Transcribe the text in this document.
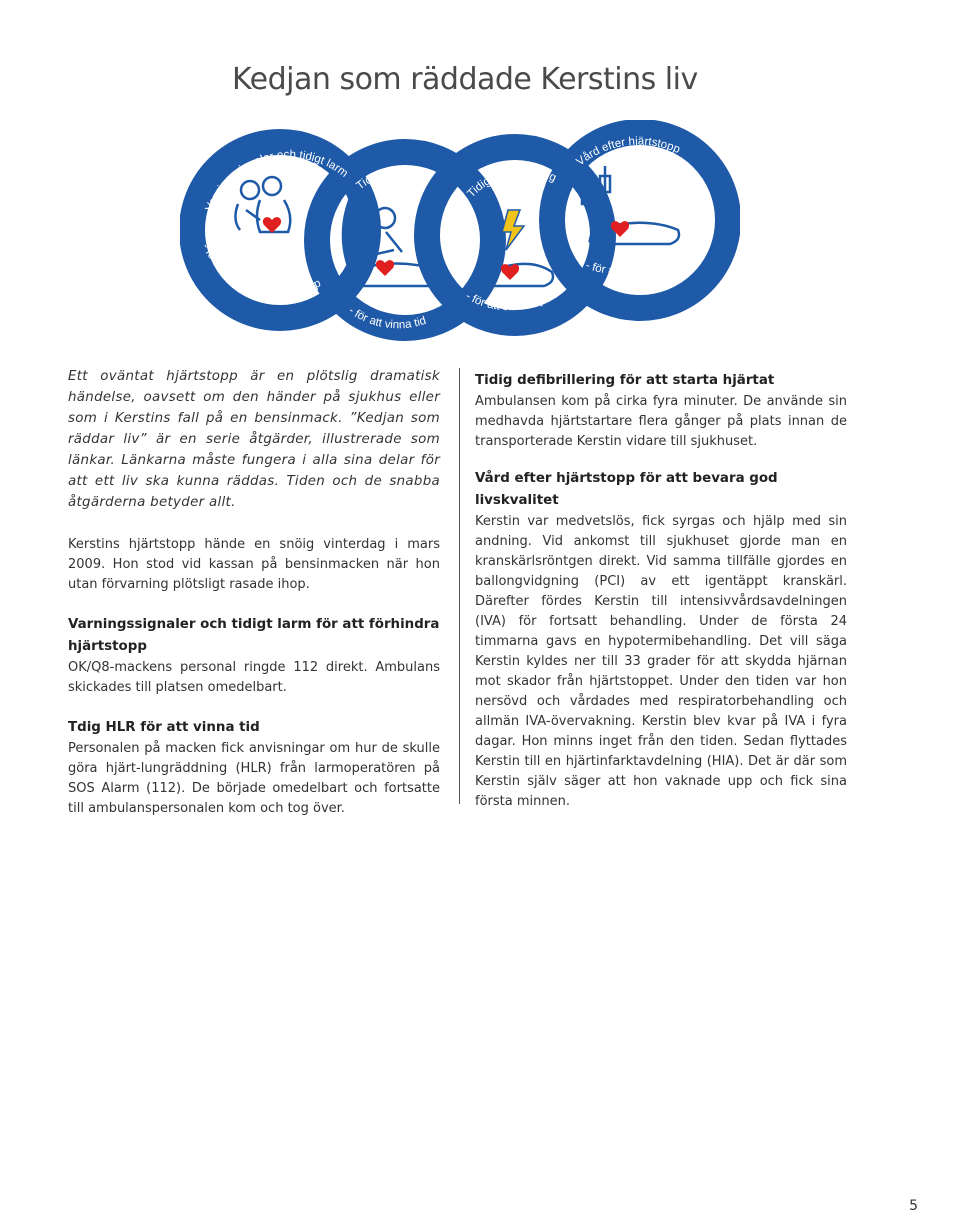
Kedjan som räddade Kerstins liv
Varningssignaler och tidigt larm
- för att förhindra hjärtstopp
Tidig HLR
- för att vinna tid
Tidig defibrillering
- för att starta hjärtat
Vård efter hjärtstopp
- för att bevara god livskvalite

Ett oväntat hjärtstopp är en plötslig dramatisk händelse, oavsett om den händer på sjukhus eller som i Kerstins fall på en bensinmack. ”Kedjan som räddar liv” är en serie åtgärder, illustrerade som länkar. Länkarna måste fungera i alla sina delar för att ett liv ska kunna räddas. Tiden och de snabba åtgärderna betyder allt.

Kerstins hjärtstopp hände en snöig vinterdag i mars 2009. Hon stod vid kassan på bensinmacken när hon utan förvarning plötsligt rasade ihop.

Varningssignaler och tidigt larm för att förhindra hjärtstopp

OK/Q8-mackens personal ringde 112 direkt. Ambulans skickades till platsen omedelbart.

Tdig HLR för att vinna tid

Personalen på macken fick anvisningar om hur de skulle göra hjärt-lungräddning (HLR) från larmoperatören på SOS Alarm (112). De började omedelbart och fortsatte till ambulanspersonalen kom och tog över.

Tidig defibrillering för att starta hjärtat

Ambulansen kom på cirka fyra minuter. De använde sin medhavda hjärtstartare flera gånger på plats innan de transporterade Kerstin vidare till sjukhuset.

Vård efter hjärtstopp för att bevara god livskvalitet

Kerstin var medvetslös, fick syrgas och hjälp med sin andning. Vid ankomst till sjukhuset gjorde man en kranskärlsröntgen direkt. Vid samma tillfälle gjordes en ballongvidgning (PCI) av ett igentäppt kranskärl. Därefter fördes Kerstin till intensivvårdsavdelningen (IVA) för fortsatt behandling. Under de första 24 timmarna gavs en hypotermibehandling. Det vill säga Kerstin kyldes ner till 33 grader för att skydda hjärnan mot skador från hjärtstoppet. Under den tiden var hon nersövd och vårdades med respiratorbehandling och allmän IVA-övervakning. Kerstin blev kvar på IVA i fyra dagar. Hon minns inget från den tiden. Sedan flyttades Kerstin till en hjärtinfarktavdelning (HIA). Det är där som Kerstin själv säger att hon vaknade upp och fick sina första minnen.

5
